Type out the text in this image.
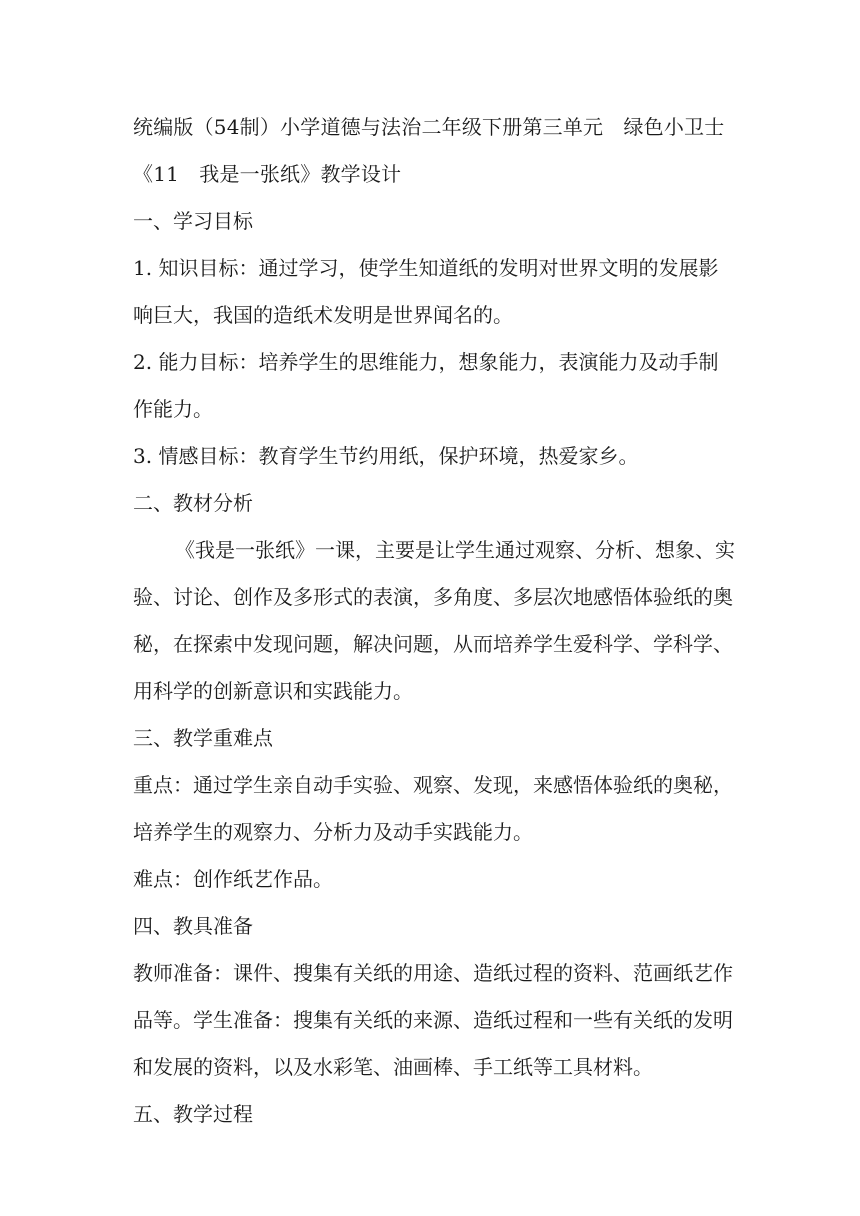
统编版（54制）小学道德与法治二年级下册第三单元　绿色小卫士

《11　我是一张纸》教学设计

一、学习目标

1. 知识目标：通过学习，使学生知道纸的发明对世界文明的发展影

响巨大，我国的造纸术发明是世界闻名的。

2. 能力目标：培养学生的思维能力，想象能力，表演能力及动手制

作能力。

3. 情感目标：教育学生节约用纸，保护环境，热爱家乡。

二、教材分析

《我是一张纸》一课，主要是让学生通过观察、分析、想象、实

验、讨论、创作及多形式的表演，多角度、多层次地感悟体验纸的奥

秘，在探索中发现问题，解决问题，从而培养学生爱科学、学科学、

用科学的创新意识和实践能力。

三、教学重难点

重点：通过学生亲自动手实验、观察、发现，来感悟体验纸的奥秘，

培养学生的观察力、分析力及动手实践能力。

难点：创作纸艺作品。

四、教具准备

教师准备：课件、搜集有关纸的用途、造纸过程的资料、范画纸艺作

品等。学生准备：搜集有关纸的来源、造纸过程和一些有关纸的发明

和发展的资料，以及水彩笔、油画棒、手工纸等工具材料。

五、教学过程
